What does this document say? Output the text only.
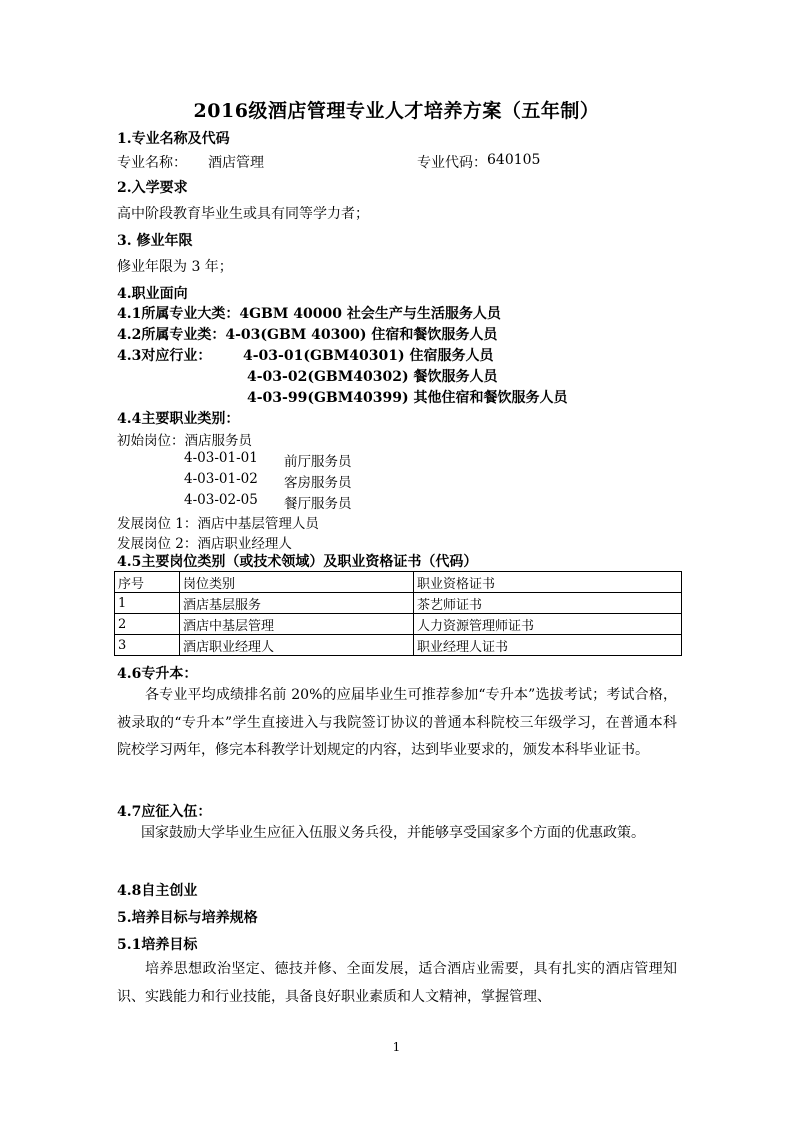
2016级酒店管理专业人才培养方案（五年制）
1.专业名称及代码
专业名称： 酒店管理	专业代码： 640105
2.入学要求
高中阶段教育毕业生或具有同等学力者；
3. 修业年限
修业年限为 3 年；
4.职业面向
4.1所属专业大类：4GBM 40000 社会生产与生活服务人员
4.2所属专业类：4-03(GBM 40300) 住宿和餐饮服务人员
4.3对应行业： 4-03-01(GBM40301) 住宿服务人员
4-03-02(GBM40302) 餐饮服务人员
4-03-99(GBM40399) 其他住宿和餐饮服务人员
4.4主要职业类别：
初始岗位：酒店服务员
4-03-01-01 前厅服务员
4-03-01-02 客房服务员
4-03-02-05 餐厅服务员
发展岗位 1：酒店中基层管理人员
发展岗位 2：酒店职业经理人
4.5主要岗位类别（或技术领域）及职业资格证书（代码）
序号	岗位类别	职业资格证书
1	酒店基层服务	茶艺师证书
2	酒店中基层管理	人力资源管理师证书
3	酒店职业经理人	职业经理人证书
4.6专升本：
各专业平均成绩排名前 20%的应届毕业生可推荐参加“专升本”选拔考试；考试合格，被录取的“专升本”学生直接进入与我院签订协议的普通本科院校三年级学习，在普通本科院校学习两年，修完本科教学计划规定的内容，达到毕业要求的，颁发本科毕业证书。
4.7应征入伍：
国家鼓励大学毕业生应征入伍服义务兵役，并能够享受国家多个方面的优惠政策。
4.8自主创业
5.培养目标与培养规格
5.1培养目标
培养思想政治坚定、德技并修、全面发展，适合酒店业需要，具有扎实的酒店管理知识、实践能力和行业技能，具备良好职业素质和人文精神，掌握管理、
1
